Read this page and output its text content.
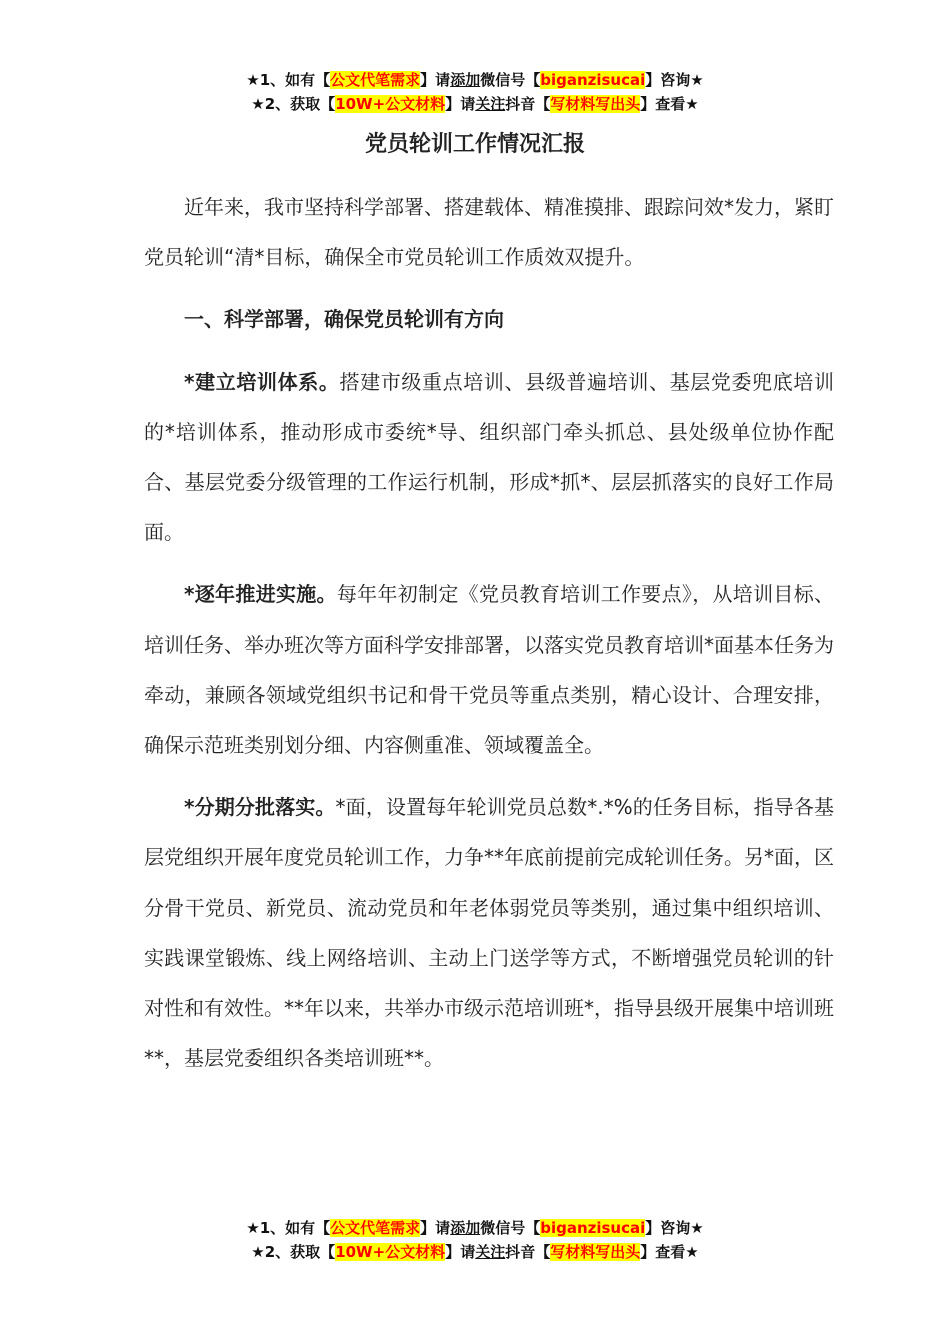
★1、如有【公文代笔需求】请添加微信号【biganzisucai】咨询★
★2、获取【10W+公文材料】请关注抖音【写材料写出头】查看★
党员轮训工作情况汇报

近年来，我市坚持科学部署、搭建载体、精准摸排、跟踪问效*发力，紧盯党员轮训“清*目标，确保全市党员轮训工作质效双提升。

一、科学部署，确保党员轮训有方向

*建立培训体系。搭建市级重点培训、县级普遍培训、基层党委兜底培训的*培训体系，推动形成市委统*导、组织部门牵头抓总、县处级单位协作配合、基层党委分级管理的工作运行机制，形成*抓*、层层抓落实的良好工作局面。

*逐年推进实施。每年年初制定《党员教育培训工作要点》，从培训目标、培训任务、举办班次等方面科学安排部署，以落实党员教育培训*面基本任务为牵动，兼顾各领域党组织书记和骨干党员等重点类别，精心设计、合理安排，确保示范班类别划分细、内容侧重准、领域覆盖全。

*分期分批落实。*面，设置每年轮训党员总数*.*%的任务目标，指导各基层党组织开展年度党员轮训工作，力争**年底前提前完成轮训任务。另*面，区分骨干党员、新党员、流动党员和年老体弱党员等类别，通过集中组织培训、实践课堂锻炼、线上网络培训、主动上门送学等方式，不断增强党员轮训的针对性和有效性。**年以来，共举办市级示范培训班*，指导县级开展集中培训班**，基层党委组织各类培训班**。

★1、如有【公文代笔需求】请添加微信号【biganzisucai】咨询★
★2、获取【10W+公文材料】请关注抖音【写材料写出头】查看★
